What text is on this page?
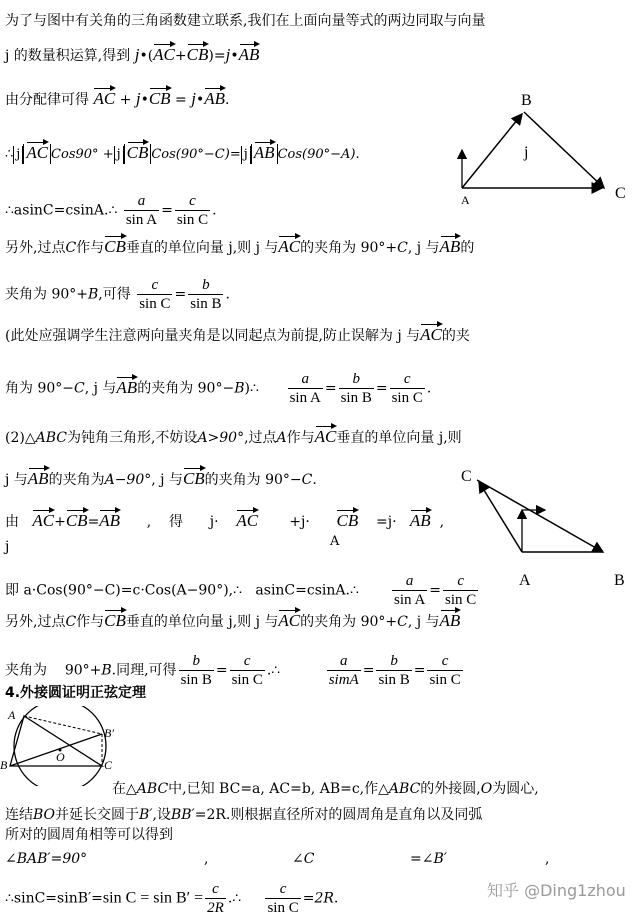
为了与图中有关角的三角函数建立联系,我们在上面向量等式的两边同取与向量
j 的数量积运算,得到 j•(AC+CB)=j•AB
由分配律可得 AC + j•CB = j•AB.
∴ j AC Cos90° + j CB Cos(90°−C)= j AB Cos(90°−A).
∴asinC=csinA.∴ $\frac{a}{\text{sin A}} = \frac{c}{\text{sin C}}$ .
B
j
A	C
另外,过点C作与CB垂直的单位向量 j,则 j 与AC的夹角为 90°+C, j 与AB的
夹角为 90°+B,可得 $\frac{c}{\text{sin C}} = \frac{b}{\text{sin B}}$ .
(此处应强调学生注意两向量夹角是以同起点为前提,防止误解为 j 与AC的夹
角为 90°−C, j 与AB的夹角为 90°−B)∴ $\frac{a}{\text{sin A}} = \frac{b}{\text{sin B}} = \frac{c}{\text{sin C}}$ .
(2)△ABC为钝角三角形,不妨设A>90°,过点A作与AC垂直的单位向量 j,则
j 与AB的夹角为A−90°, j 与CB的夹角为 90°−C.
由 AC+CB=AB , 得 j· AC +j· CB =j· AB ,
j	A
即 a·Cos(90°−C)=c·Cos(A−90°),∴ asinC=csinA.∴ $\frac{a}{\text{sin A}} = \frac{c}{\text{sin C}}$
C
A	B
另外,过点C作与CB垂直的单位向量 j,则 j 与AC的夹角为 90°+C, j 与AB
夹角为 90°+B.同理,可得 $\frac{b}{\text{sin B}} = \frac{c}{\text{sin C}}$ .∴	$\frac{a}{\text{simA}} = \frac{b}{\text{sin B}} = \frac{c}{\text{sin C}}$
4.外接圆证明正弦定理
A
B′
O
B	C
在△ABC中,已知 BC=a, AC=b, AB=c,作△ABC的外接圆,O为圆心,
连结BO并延长交圆于B′,设BB′=2R.则根据直径所对的圆周角是直角以及同弧
所对的圆周角相等可以得到
∠BAB′=90°	,	∠C	=∠B′	,
∴sinC=sinB′=sin $C = \sin B' = \frac{c}{2R}$ .∴ $\frac{c}{\text{sin C}} =2R$.	知乎 @Ding1zhou
